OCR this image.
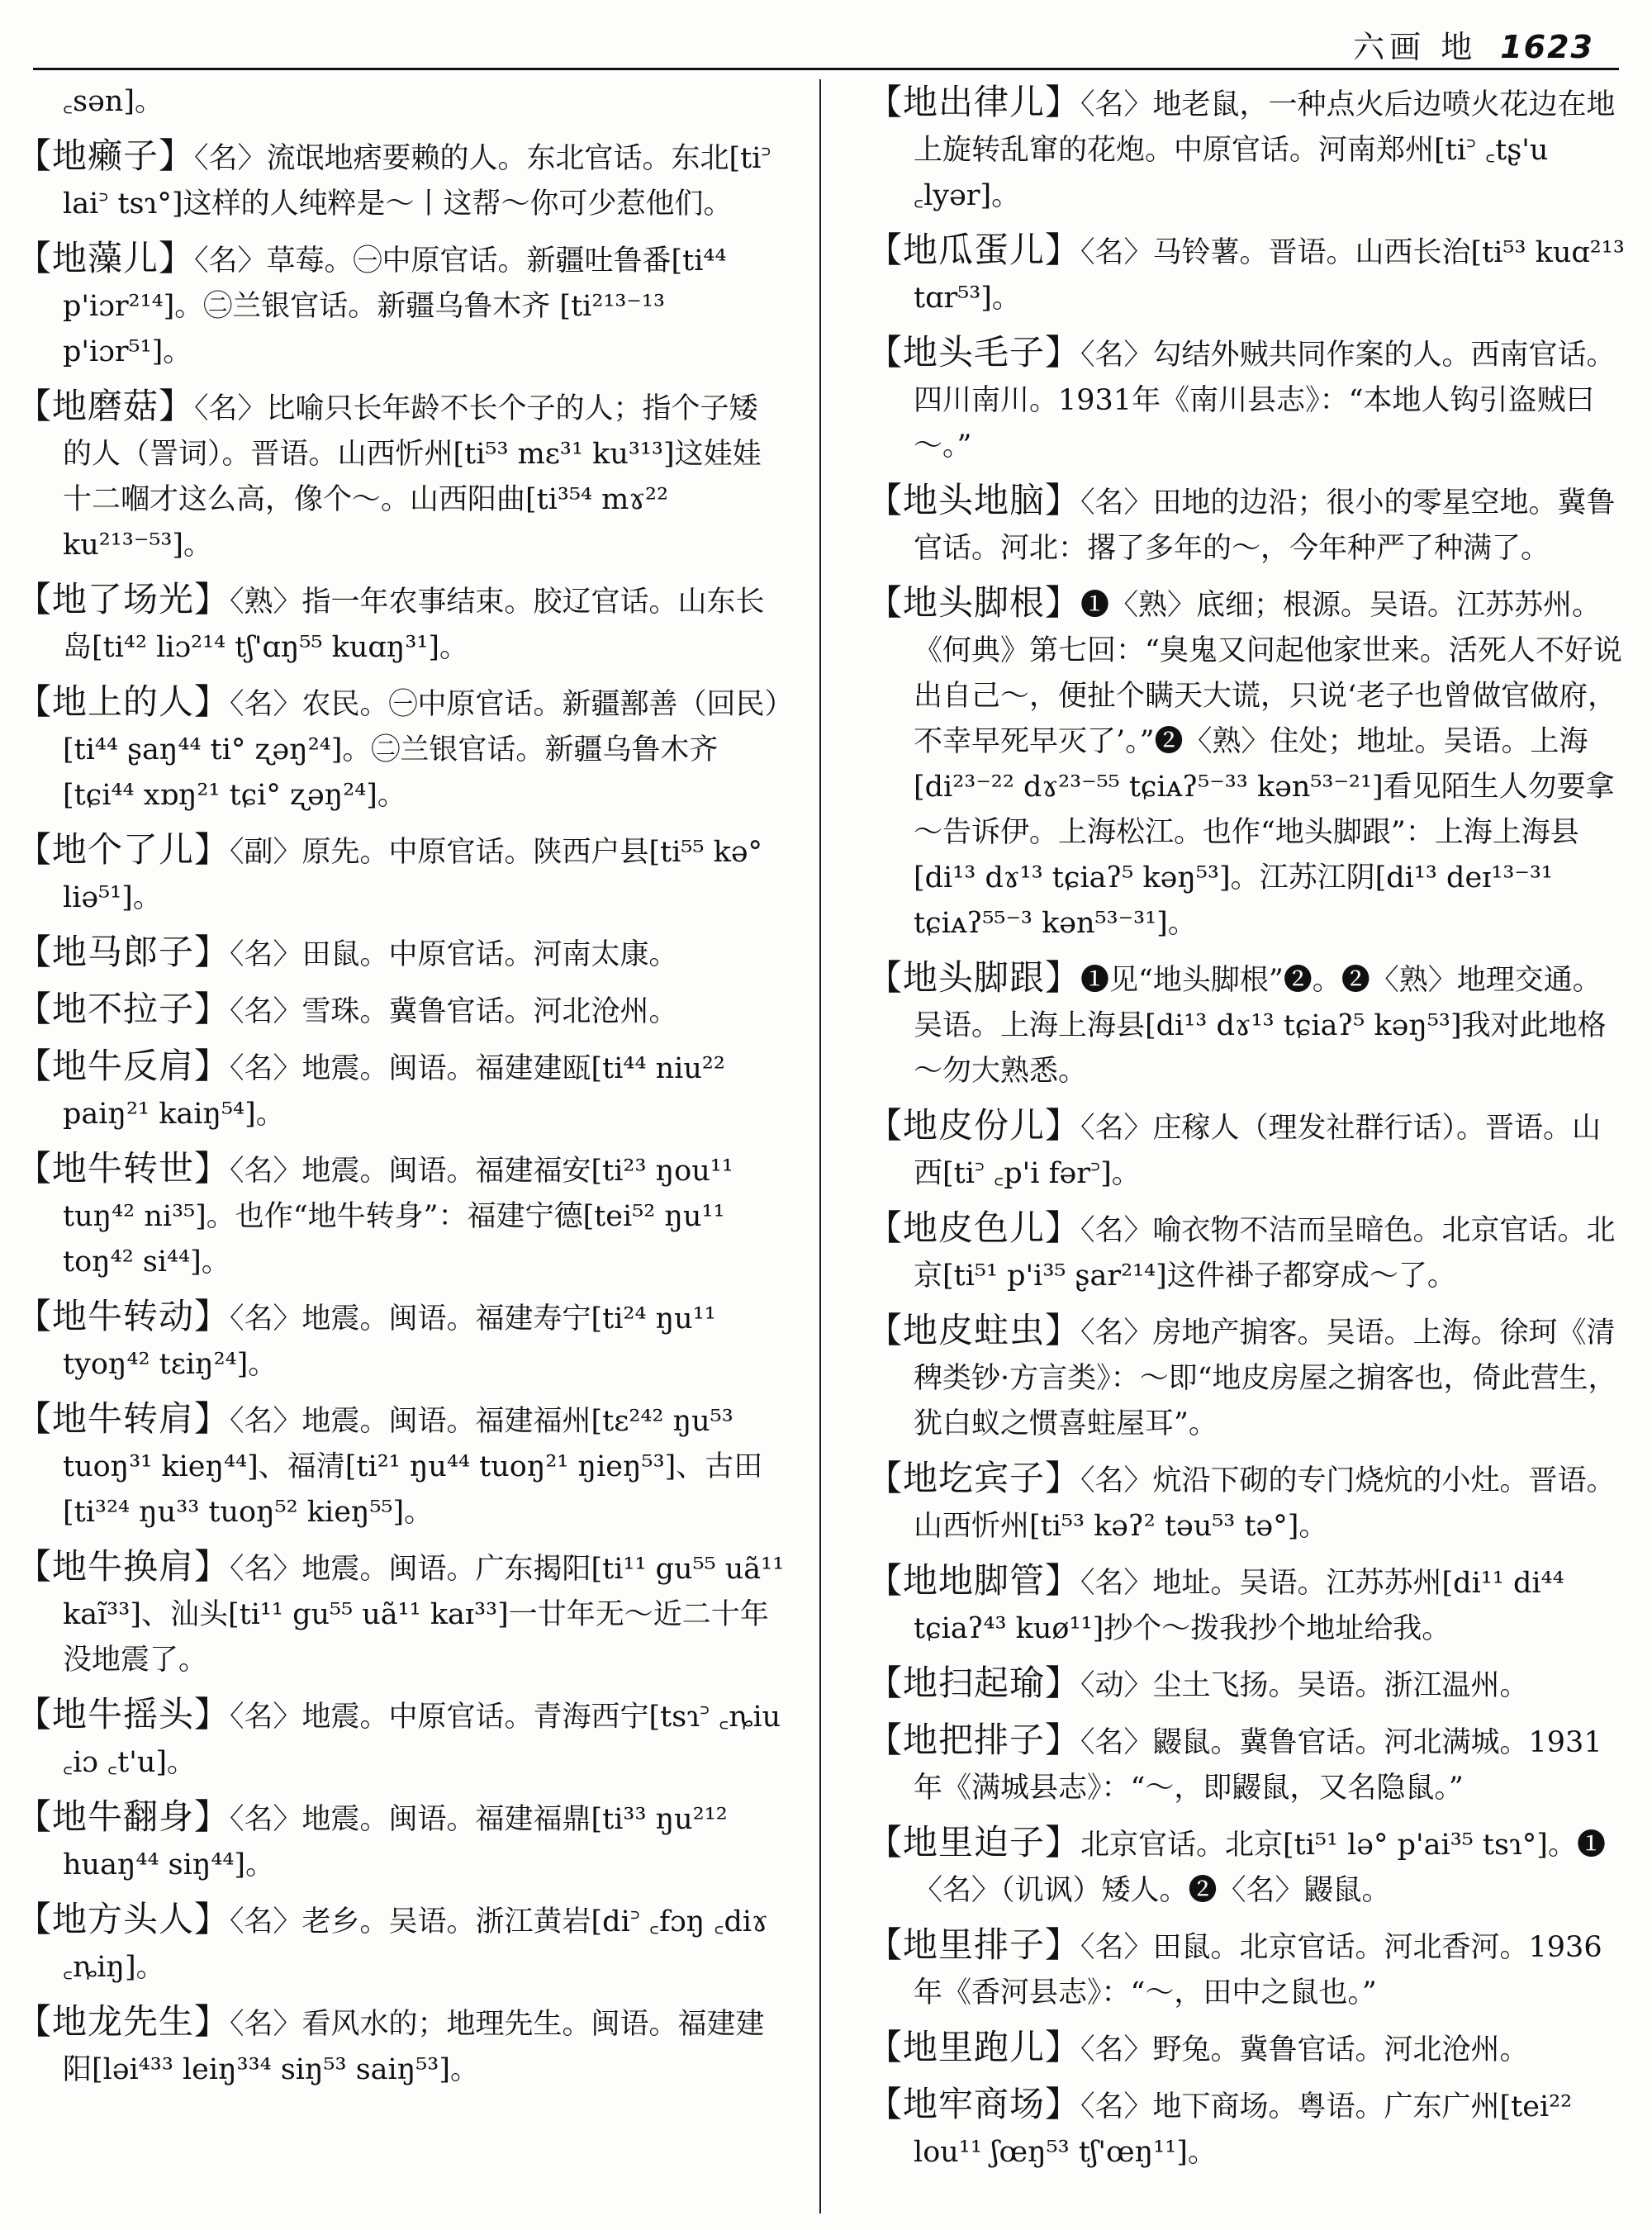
六画 地 1623

꜀sən]。

【地癞子】〈名〉流氓地痞要赖的人。东北官话。东北[ti꜄ lai꜄ tsɿ°]这样的人纯粹是～丨这帮～你可少惹他们。

【地藻儿】〈名〉草莓。㊀中原官话。新疆吐鲁番[ti⁴⁴ p'iɔr²¹⁴]。㊁兰银官话。新疆乌鲁木齐 [ti²¹³⁻¹³ p'iɔr⁵¹]。

【地磨菇】〈名〉比喻只长年龄不长个子的人；指个子矮的人（詈词）。晋语。山西忻州[ti⁵³ mɛ³¹ ku³¹³]这娃娃十二嗰才这么高，像个～。山西阳曲[ti³⁵⁴ mɤ²² ku²¹³⁻⁵³]。

【地了场光】〈熟〉指一年农事结束。胶辽官话。山东长岛[ti⁴² liɔ²¹⁴ tʃ'ɑŋ⁵⁵ kuɑŋ³¹]。

【地上的人】〈名〉农民。㊀中原官话。新疆鄯善（回民）[ti⁴⁴ ʂaŋ⁴⁴ ti° ʐəŋ²⁴]。㊁兰银官话。新疆乌鲁木齐[tɕi⁴⁴ xɒŋ²¹ tɕi° ʐəŋ²⁴]。

【地个了儿】〈副〉原先。中原官话。陕西户县[ti⁵⁵ kə° liə⁵¹]。

【地马郎子】〈名〉田鼠。中原官话。河南太康。

【地不拉子】〈名〉雪珠。冀鲁官话。河北沧州。

【地牛反肩】〈名〉地震。闽语。福建建瓯[ti⁴⁴ niu²² paiŋ²¹ kaiŋ⁵⁴]。

【地牛转世】〈名〉地震。闽语。福建福安[ti²³ ŋou¹¹ tuŋ⁴² ni³⁵]。也作“地牛转身”：福建宁德[tei⁵² ŋu¹¹ toŋ⁴² si⁴⁴]。

【地牛转动】〈名〉地震。闽语。福建寿宁[ti²⁴ ŋu¹¹ tyoŋ⁴² tɛiŋ²⁴]。

【地牛转肩】〈名〉地震。闽语。福建福州[tɛ²⁴² ŋu⁵³ tuoŋ³¹ kieŋ⁴⁴]、福清[ti²¹ ŋu⁴⁴ tuoŋ²¹ ŋieŋ⁵³]、古田[ti³²⁴ ŋu³³ tuoŋ⁵² kieŋ⁵⁵]。

【地牛换肩】〈名〉地震。闽语。广东揭阳[ti¹¹ gu⁵⁵ uã¹¹ kaĩ³³]、汕头[ti¹¹ gu⁵⁵ uã¹¹ kaɪ³³]一廿年无～近二十年没地震了。

【地牛摇头】〈名〉地震。中原官话。青海西宁[tsɿ꜄ ꜀ȵiu ꜀iɔ ꜀t'u]。

【地牛翻身】〈名〉地震。闽语。福建福鼎[ti³³ ŋu²¹² huaŋ⁴⁴ siŋ⁴⁴]。

【地方头人】〈名〉老乡。吴语。浙江黄岩[di꜄ ꜀fɔŋ ꜀diɤ ꜀ȵiŋ]。

【地龙先生】〈名〉看风水的；地理先生。闽语。福建建阳[ləi⁴³³ leiŋ³³⁴ siŋ⁵³ saiŋ⁵³]。

【地出律儿】〈名〉地老鼠，一种点火后边喷火花边在地上旋转乱窜的花炮。中原官话。河南郑州[ti꜄ ꜀tʂ'u ꜀lyər]。

【地瓜蛋儿】〈名〉马铃薯。晋语。山西长治[ti⁵³ kuɑ²¹³ tɑr⁵³]。

【地头毛子】〈名〉勾结外贼共同作案的人。西南官话。四川南川。1931年《南川县志》：“本地人钩引盗贼曰～。”

【地头地脑】〈名〉田地的边沿；很小的零星空地。冀鲁官话。河北：撂了多年的～，今年种严了种满了。

【地头脚根】❶〈熟〉底细；根源。吴语。江苏苏州。《何典》第七回：“臭鬼又问起他家世来。活死人不好说出自己～，便扯个瞒天大谎，只说‘老子也曾做官做府，不幸早死早灭了’。”❷〈熟〉住处；地址。吴语。上海[di²³⁻²² dɤ²³⁻⁵⁵ tɕiᴀʔ⁵⁻³³ kən⁵³⁻²¹]看见陌生人勿要拿～告诉伊。上海松江。也作“地头脚跟”：上海上海县[di¹³ dɤ¹³ tɕiaʔ⁵ kəŋ⁵³]。江苏江阴[di¹³ deɪ¹³⁻³¹ tɕiᴀʔ⁵⁵⁻³ kən⁵³⁻³¹]。

【地头脚跟】❶见“地头脚根”❷。❷〈熟〉地理交通。吴语。上海上海县[di¹³ dɤ¹³ tɕiaʔ⁵ kəŋ⁵³]我对此地格～勿大熟悉。

【地皮份儿】〈名〉庄稼人（理发社群行话）。晋语。山西[ti꜄ ꜀p'i fər꜄]。

【地皮色儿】〈名〉喻衣物不洁而呈暗色。北京官话。北京[ti⁵¹ p'i³⁵ ʂar²¹⁴]这件褂子都穿成～了。

【地皮蛀虫】〈名〉房地产掮客。吴语。上海。徐珂《清稗类钞·方言类》：～即“地皮房屋之掮客也，倚此营生，犹白蚁之惯喜蛀屋耳”。

【地圪宾子】〈名〉炕沿下砌的专门烧炕的小灶。晋语。山西忻州[ti⁵³ kəʔ² təu⁵³ tə°]。

【地地脚管】〈名〉地址。吴语。江苏苏州[di¹¹ di⁴⁴ tɕiaʔ⁴³ kuø¹¹]抄个～拨我抄个地址给我。

【地扫起瑜】〈动〉尘土飞扬。吴语。浙江温州。

【地把排子】〈名〉鼹鼠。冀鲁官话。河北满城。1931年《满城县志》：“～，即鼹鼠，又名隐鼠。”

【地里迫子】北京官话。北京[ti⁵¹ lə° p'ai³⁵ tsɿ°]。❶〈名〉（讥讽）矮人。❷〈名〉鼹鼠。

【地里排子】〈名〉田鼠。北京官话。河北香河。1936年《香河县志》：“～，田中之鼠也。”

【地里跑儿】〈名〉野兔。冀鲁官话。河北沧州。

【地牢商场】〈名〉地下商场。粤语。广东广州[tei²² lou¹¹ ʃœŋ⁵³ tʃ'œŋ¹¹]。
